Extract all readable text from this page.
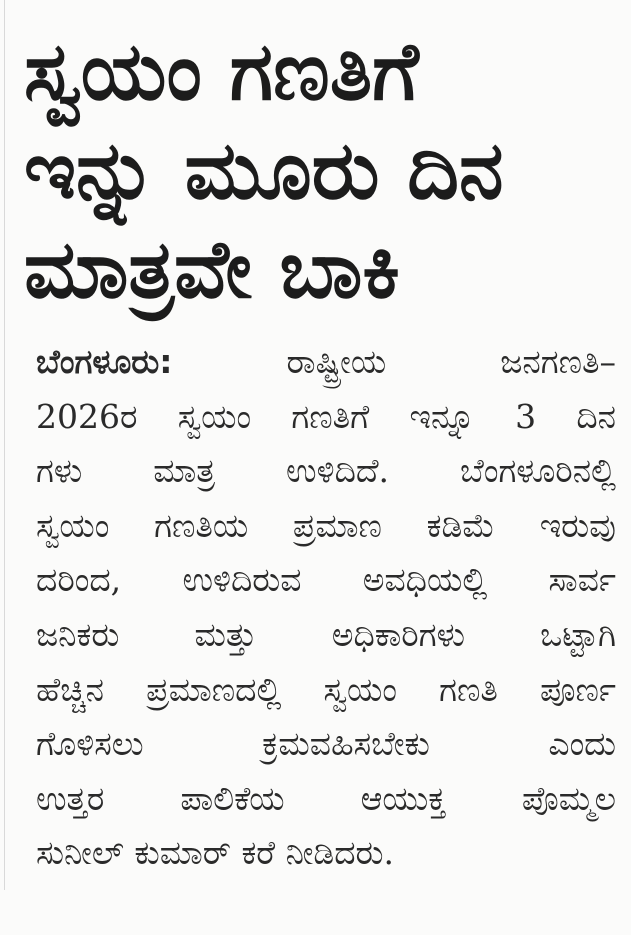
ಸ್ವಯಂ ಗಣತಿಗೆ
ಇನ್ನು ಮೂರು ದಿನ
ಮಾತ್ರವೇ ಬಾಕಿ
ಬೆಂಗಳೂರು:	ರಾಷ್ಟ್ರೀಯ ಜನಗಣತಿ–
2026ರ ಸ್ವಯಂ ಗಣತಿಗೆ ಇನ್ನೂ 3 ದಿನ
ಗಳು ಮಾತ್ರ ಉಳಿದಿದೆ. ಬೆಂಗಳೂರಿನಲ್ಲಿ
ಸ್ವಯಂ ಗಣತಿಯ ಪ್ರಮಾಣ ಕಡಿಮೆ ಇರುವು
ದರಿಂದ, ಉಳಿದಿರುವ ಅವಧಿಯಲ್ಲಿ ಸಾರ್ವ
ಜನಿಕರು ಮತ್ತು ಅಧಿಕಾರಿಗಳು ಒಟ್ಟಾಗಿ
ಹೆಚ್ಚಿನ ಪ್ರಮಾಣದಲ್ಲಿ ಸ್ವಯಂ ಗಣತಿ ಪೂರ್ಣ
ಗೊಳಿಸಲು ಕ್ರಮವಹಿಸಬೇಕು ಎಂದು
ಉತ್ತರ ಪಾಲಿಕೆಯ ಆಯುಕ್ತ ಪೊಮ್ಮಲ
ಸುನೀಲ್ ಕುಮಾರ್ ಕರೆ ನೀಡಿದರು.
